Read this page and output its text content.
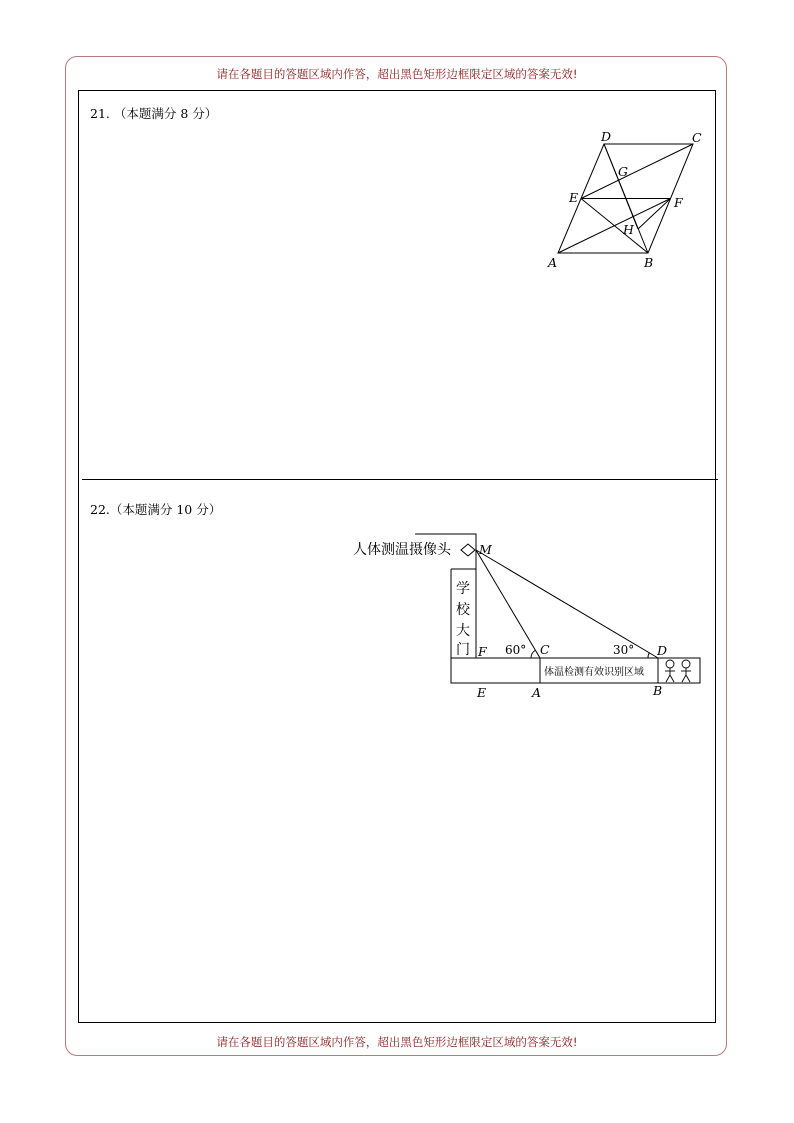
请在各题目的答题区域内作答，超出黑色矩形边框限定区域的答案无效!
请在各题目的答题区域内作答，超出黑色矩形边框限定区域的答案无效!
21. （本题满分 8 分）
22.（本题满分 10 分）
A	B
C
D
E	F
G
H
人体测温摄像头
学
校
大
门
体温检测有效识别区域
60°	30°
M
F	C	D
E	A	B
